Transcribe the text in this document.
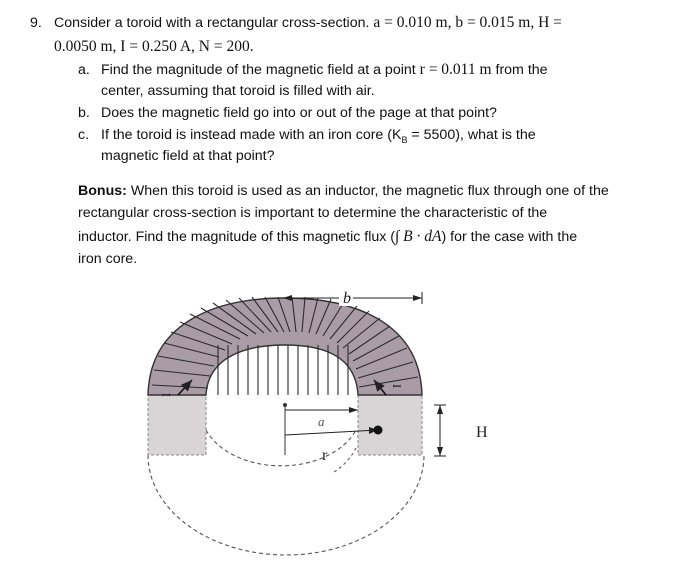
9. Consider a toroid with a rectangular cross-section. a = 0.010 m, b = 0.015 m, H =
0.0050 m, I = 0.250 A, N = 200.
a. Find the magnitude of the magnetic field at a point r = 0.011 m from the
center, assuming that toroid is filled with air.
b. Does the magnetic field go into or out of the page at that point?
c. If the toroid is instead made with an iron core $(K_B = 5500)$, what is the
magnetic field at that point?
Bonus: When this toroid is used as an inductor, the magnetic flux through one of the
rectangular cross-section is important to determine the characteristic of the
inductor. Find the magnitude of this magnetic flux (∫ B · dA) for the case with the
iron core.
b
a
r
H
I
I
